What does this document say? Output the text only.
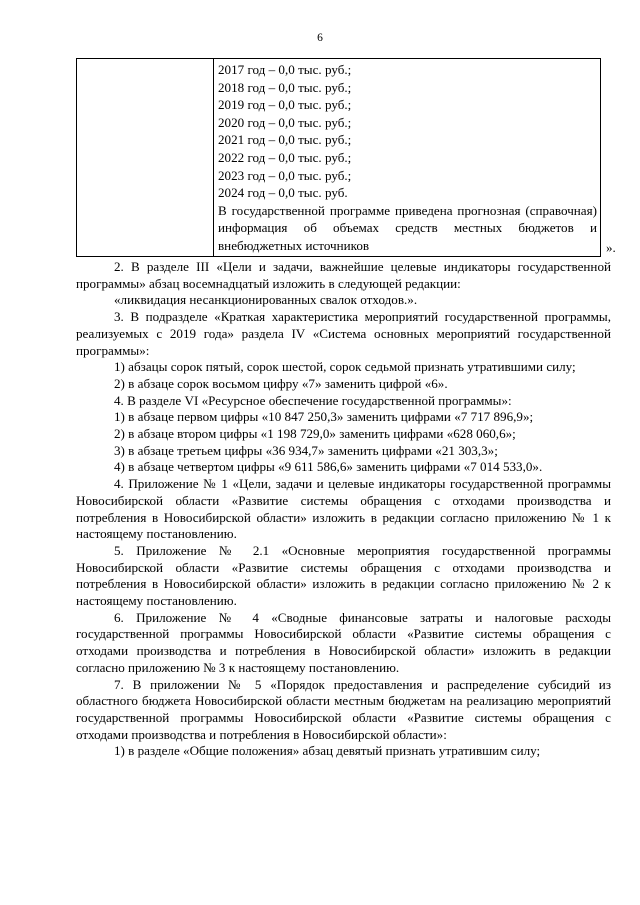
6

2017 год – 0,0 тыс. руб.;
2018 год – 0,0 тыс. руб.;
2019 год – 0,0 тыс. руб.;
2020 год – 0,0 тыс. руб.;
2021 год – 0,0 тыс. руб.;
2022 год – 0,0 тыс. руб.;
2023 год – 0,0 тыс. руб.;
2024 год – 0,0 тыс. руб.
В государственной программе приведена прогнозная (справочная) информация об объемах средств местных бюджетов и внебюджетных источников	».

2. В разделе III «Цели и задачи, важнейшие целевые индикаторы государственной программы» абзац восемнадцатый изложить в следующей редакции:

«ликвидация несанкционированных свалок отходов.».

3. В подразделе «Краткая характеристика мероприятий государственной программы, реализуемых с 2019 года» раздела IV «Система основных мероприятий государственной программы»:

1) абзацы сорок пятый, сорок шестой, сорок седьмой признать утратившими силу;

2) в абзаце сорок восьмом цифру «7» заменить цифрой «6».

4. В разделе VI «Ресурсное обеспечение государственной программы»:

1) в абзаце первом цифры «10 847 250,3» заменить цифрами «7 717 896,9»;

2) в абзаце втором цифры «1 198 729,0» заменить цифрами «628 060,6»;

3) в абзаце третьем цифры «36 934,7» заменить цифрами «21 303,3»;

4) в абзаце четвертом цифры «9 611 586,6» заменить цифрами «7 014 533,0».

4. Приложение № 1 «Цели, задачи и целевые индикаторы государственной программы Новосибирской области «Развитие системы обращения с отходами производства и потребления в Новосибирской области» изложить в редакции согласно приложению № 1 к настоящему постановлению.

5. Приложение № 2.1 «Основные мероприятия государственной программы Новосибирской области «Развитие системы обращения с отходами производства и потребления в Новосибирской области» изложить в редакции согласно приложению № 2 к настоящему постановлению.

6. Приложение № 4 «Сводные финансовые затраты и налоговые расходы государственной программы Новосибирской области «Развитие системы обращения с отходами производства и потребления в Новосибирской области» изложить в редакции согласно приложению № 3 к настоящему постановлению.

7. В приложении № 5 «Порядок предоставления и распределение субсидий из областного бюджета Новосибирской области местным бюджетам на реализацию мероприятий государственной программы Новосибирской области «Развитие системы обращения с отходами производства и потребления в Новосибирской области»:

1) в разделе «Общие положения» абзац девятый признать утратившим силу;
